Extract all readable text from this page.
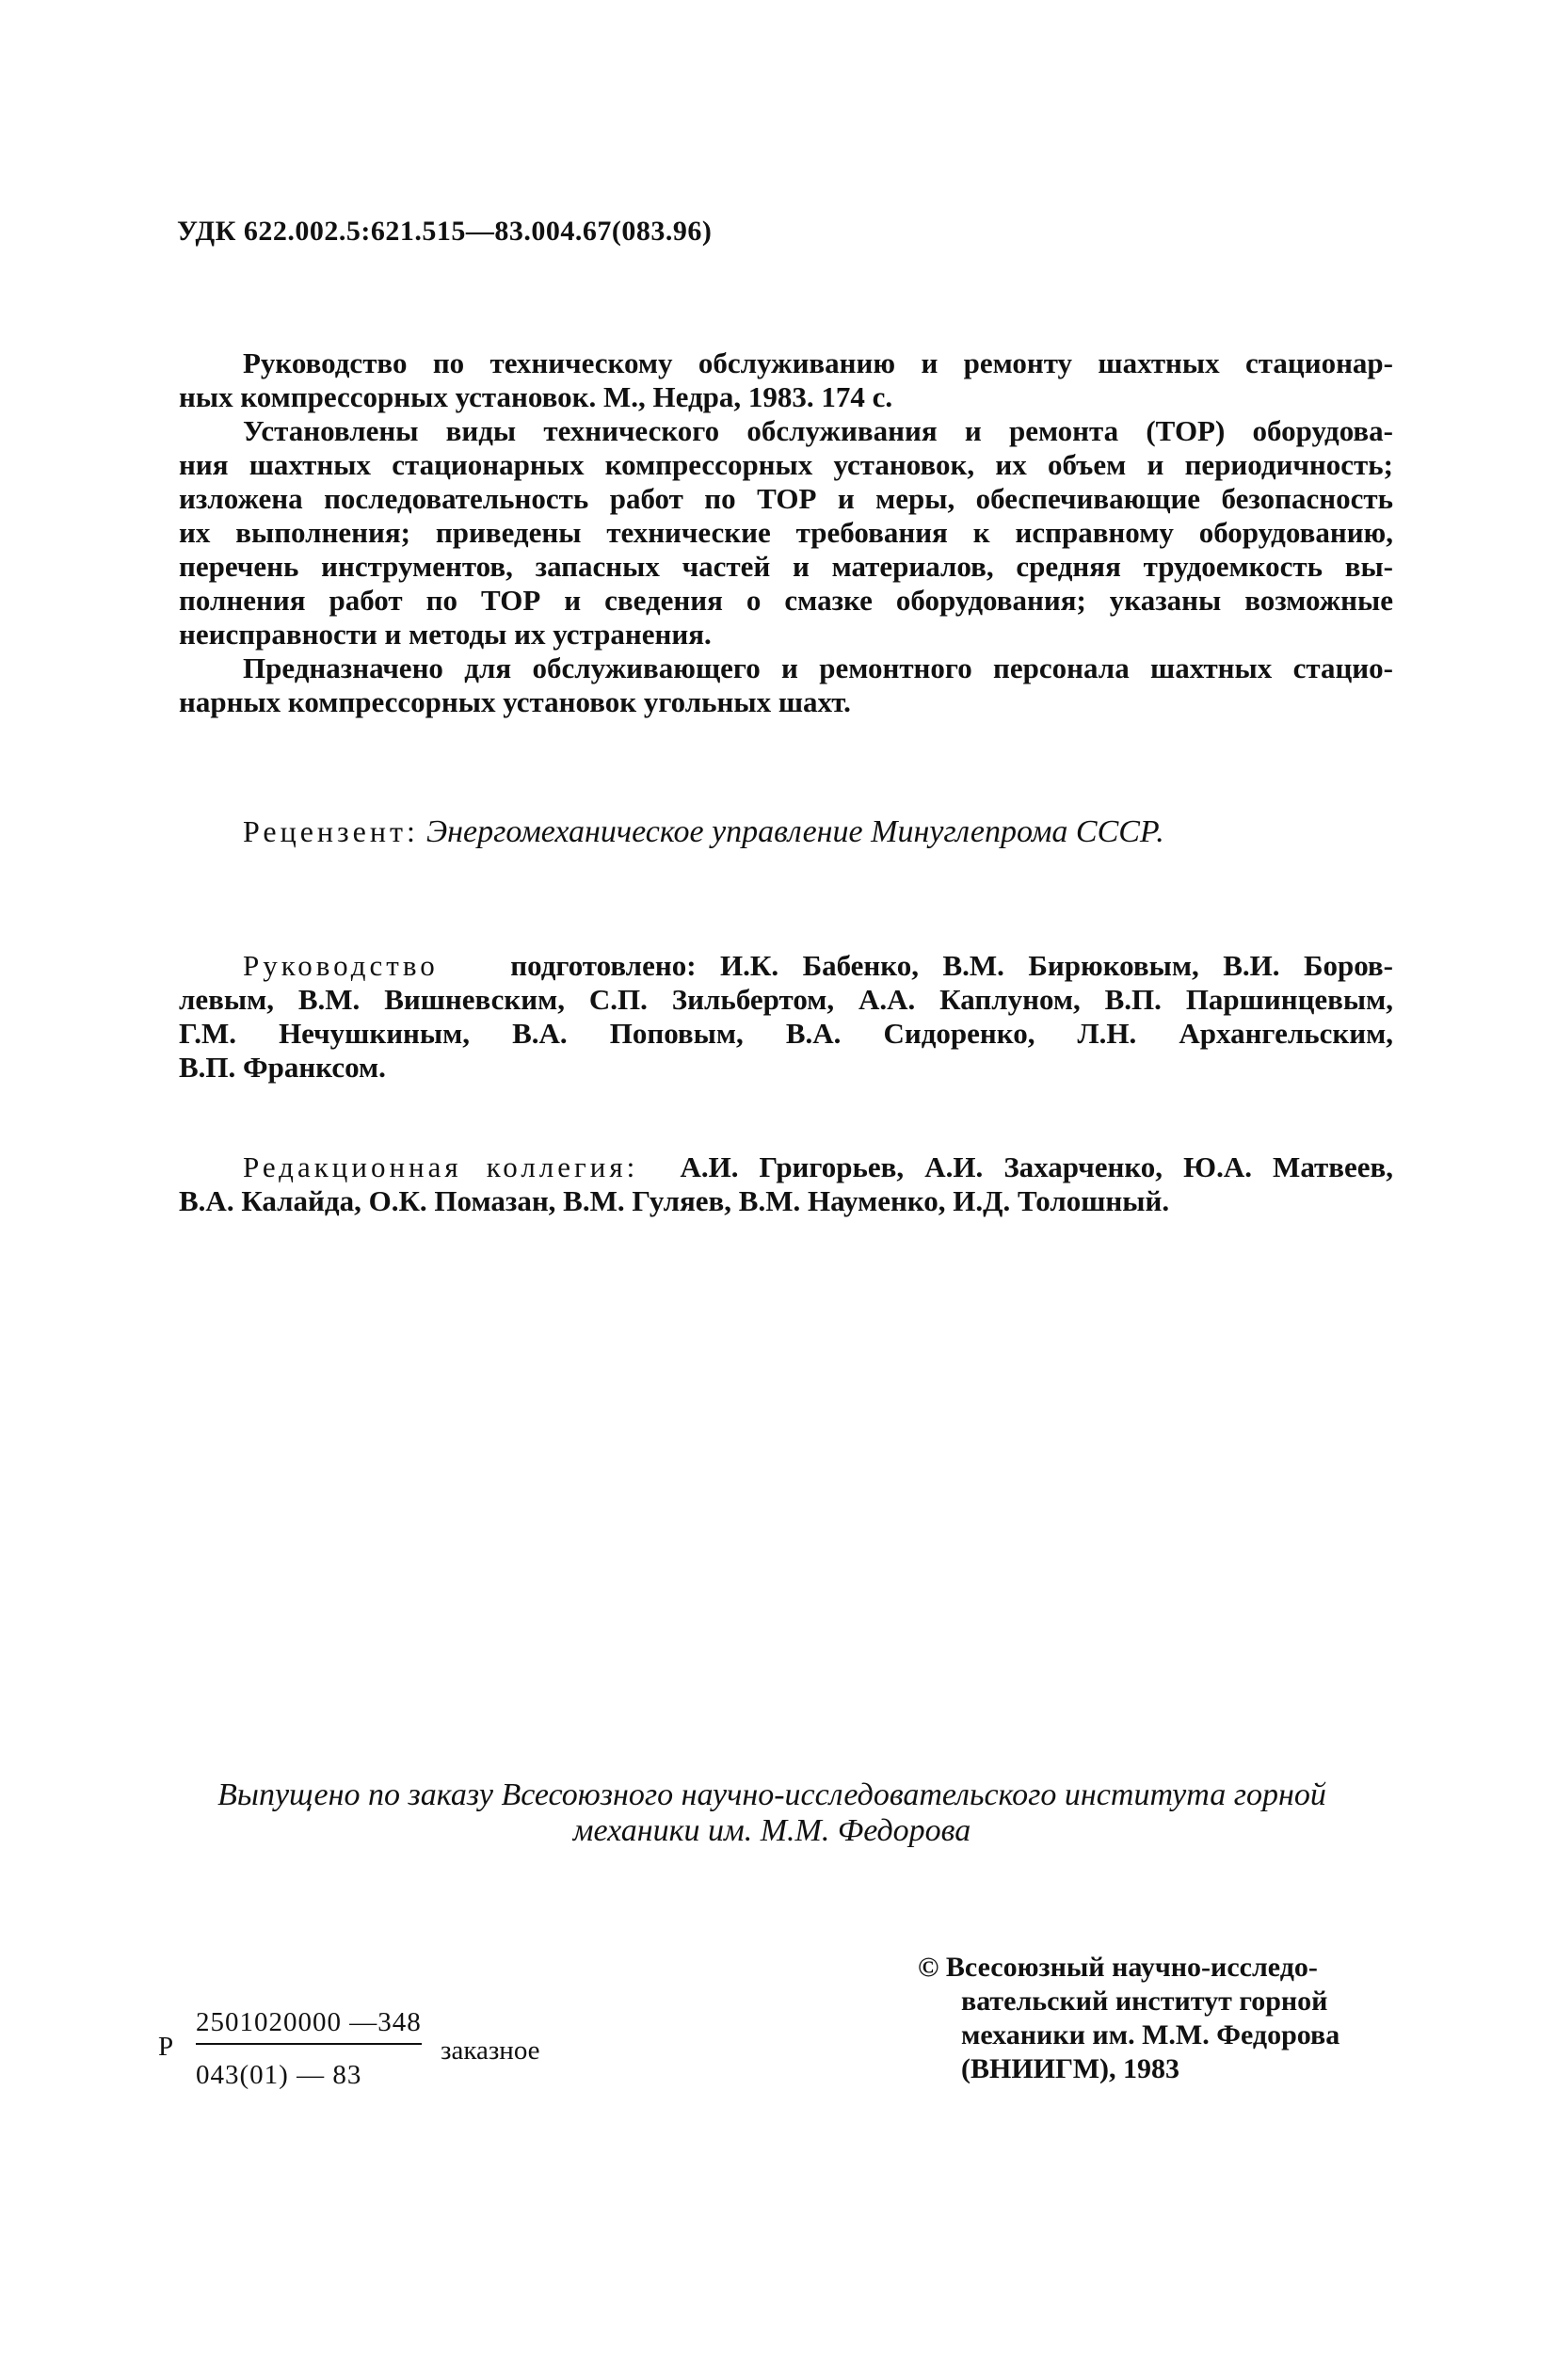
УДК 622.002.5:621.515—83.004.67(083.96)

Руководство по техническому обслуживанию и ремонту шахтных стационар-
ных компрессорных установок. М., Недра, 1983. 174 с.

Установлены виды технического обслуживания и ремонта (ТОР) оборудова-
ния шахтных стационарных компрессорных установок, их объем и периодичность;
изложена последовательность работ по ТОР и меры, обеспечивающие безопасность
их выполнения; приведены технические требования к исправному оборудованию,
перечень инструментов, запасных частей и материалов, средняя трудоемкость вы-
полнения работ по ТОР и сведения о смазке оборудования; указаны возможные
неисправности и методы их устранения.

Предназначено для обслуживающего и ремонтного персонала шахтных стацио-
нарных компрессорных установок угольных шахт.

Рецензент: Энергомеханическое управление Минуглепрома СССР.
Руководство подготовлено: И.К. Бабенко, В.М. Бирюковым, В.И. Боров-
левым, В.М. Вишневским, С.П. Зильбертом, А.А. Каплуном, В.П. Паршинцевым,
Г.М. Нечушкиным, В.А. Поповым, В.А. Сидоренко, Л.Н. Архангельским,
В.П. Франксом.
Редакционная коллегия: А.И. Григорьев, А.И. Захарченко, Ю.А. Матвеев,
В.А. Калайда, О.К. Помазан, В.М. Гуляев, В.М. Науменко, И.Д. Толошный.
Выпущено по заказу Всесоюзного научно-исследовательского института горной
механики им. М.М. Федорова
Р
2501020000 —348
043(01) — 83
заказное
© Всесоюзный научно-исследо-
вательский институт горной
механики им. М.М. Федорова
(ВНИИГМ), 1983
